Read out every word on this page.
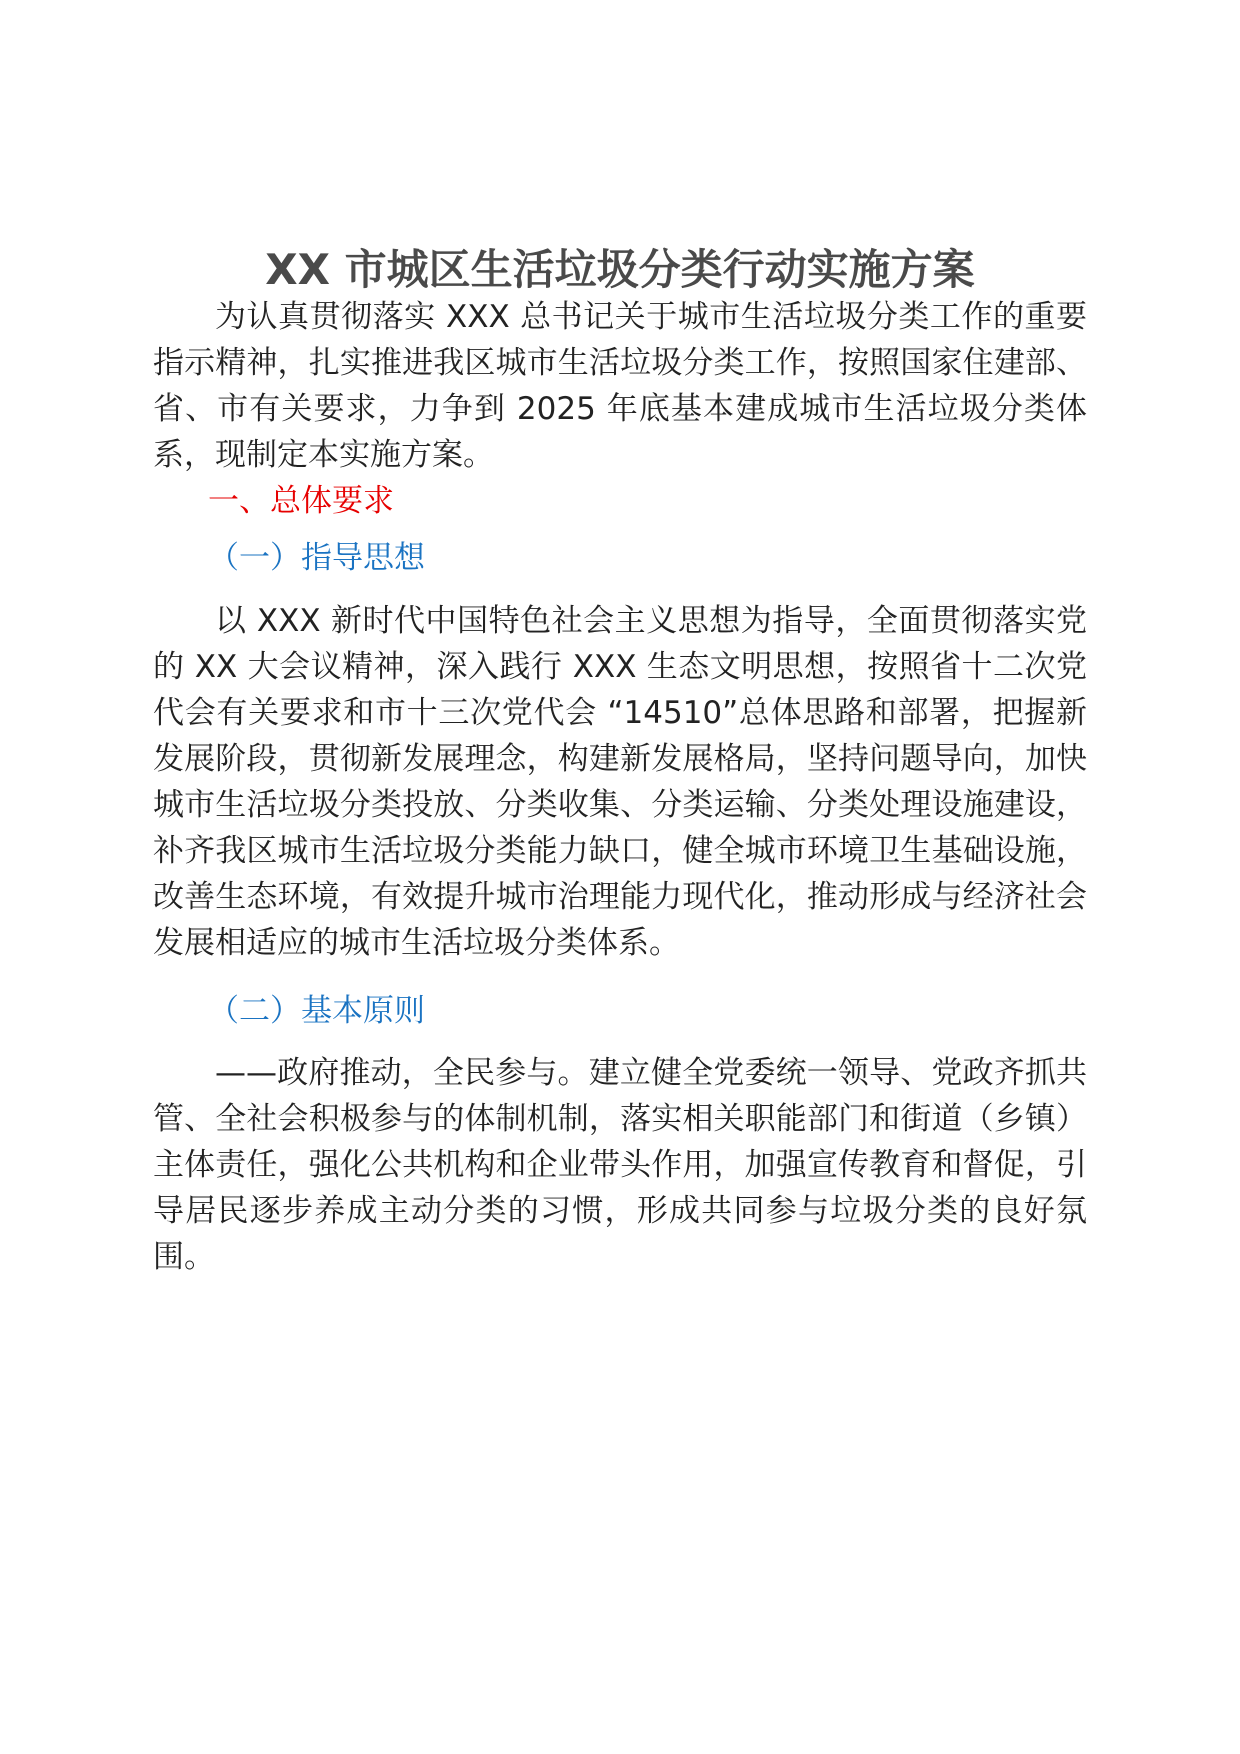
XX 市城区生活垃圾分类行动实施方案

为认真贯彻落实 XXX 总书记关于城市生活垃圾分类工作的重要指示精神，扎实推进我区城市生活垃圾分类工作，按照国家住建部、省、市有关要求，力争到 2025 年底基本建成城市生活垃圾分类体系，现制定本实施方案。

一、总体要求

（一）指导思想

以 XXX 新时代中国特色社会主义思想为指导，全面贯彻落实党的 XX 大会议精神，深入践行 XXX 生态文明思想，按照省十二次党代会有关要求和市十三次党代会 “14510”总体思路和部署，把握新发展阶段，贯彻新发展理念，构建新发展格局，坚持问题导向，加快城市生活垃圾分类投放、分类收集、分类运输、分类处理设施建设，补齐我区城市生活垃圾分类能力缺口，健全城市环境卫生基础设施，改善生态环境，有效提升城市治理能力现代化，推动形成与经济社会发展相适应的城市生活垃圾分类体系。

（二）基本原则

——政府推动，全民参与。建立健全党委统一领导、党政齐抓共管、全社会积极参与的体制机制，落实相关职能部门和街道（乡镇）主体责任，强化公共机构和企业带头作用，加强宣传教育和督促，引导居民逐步养成主动分类的习惯，形成共同参与垃圾分类的良好氛围。
